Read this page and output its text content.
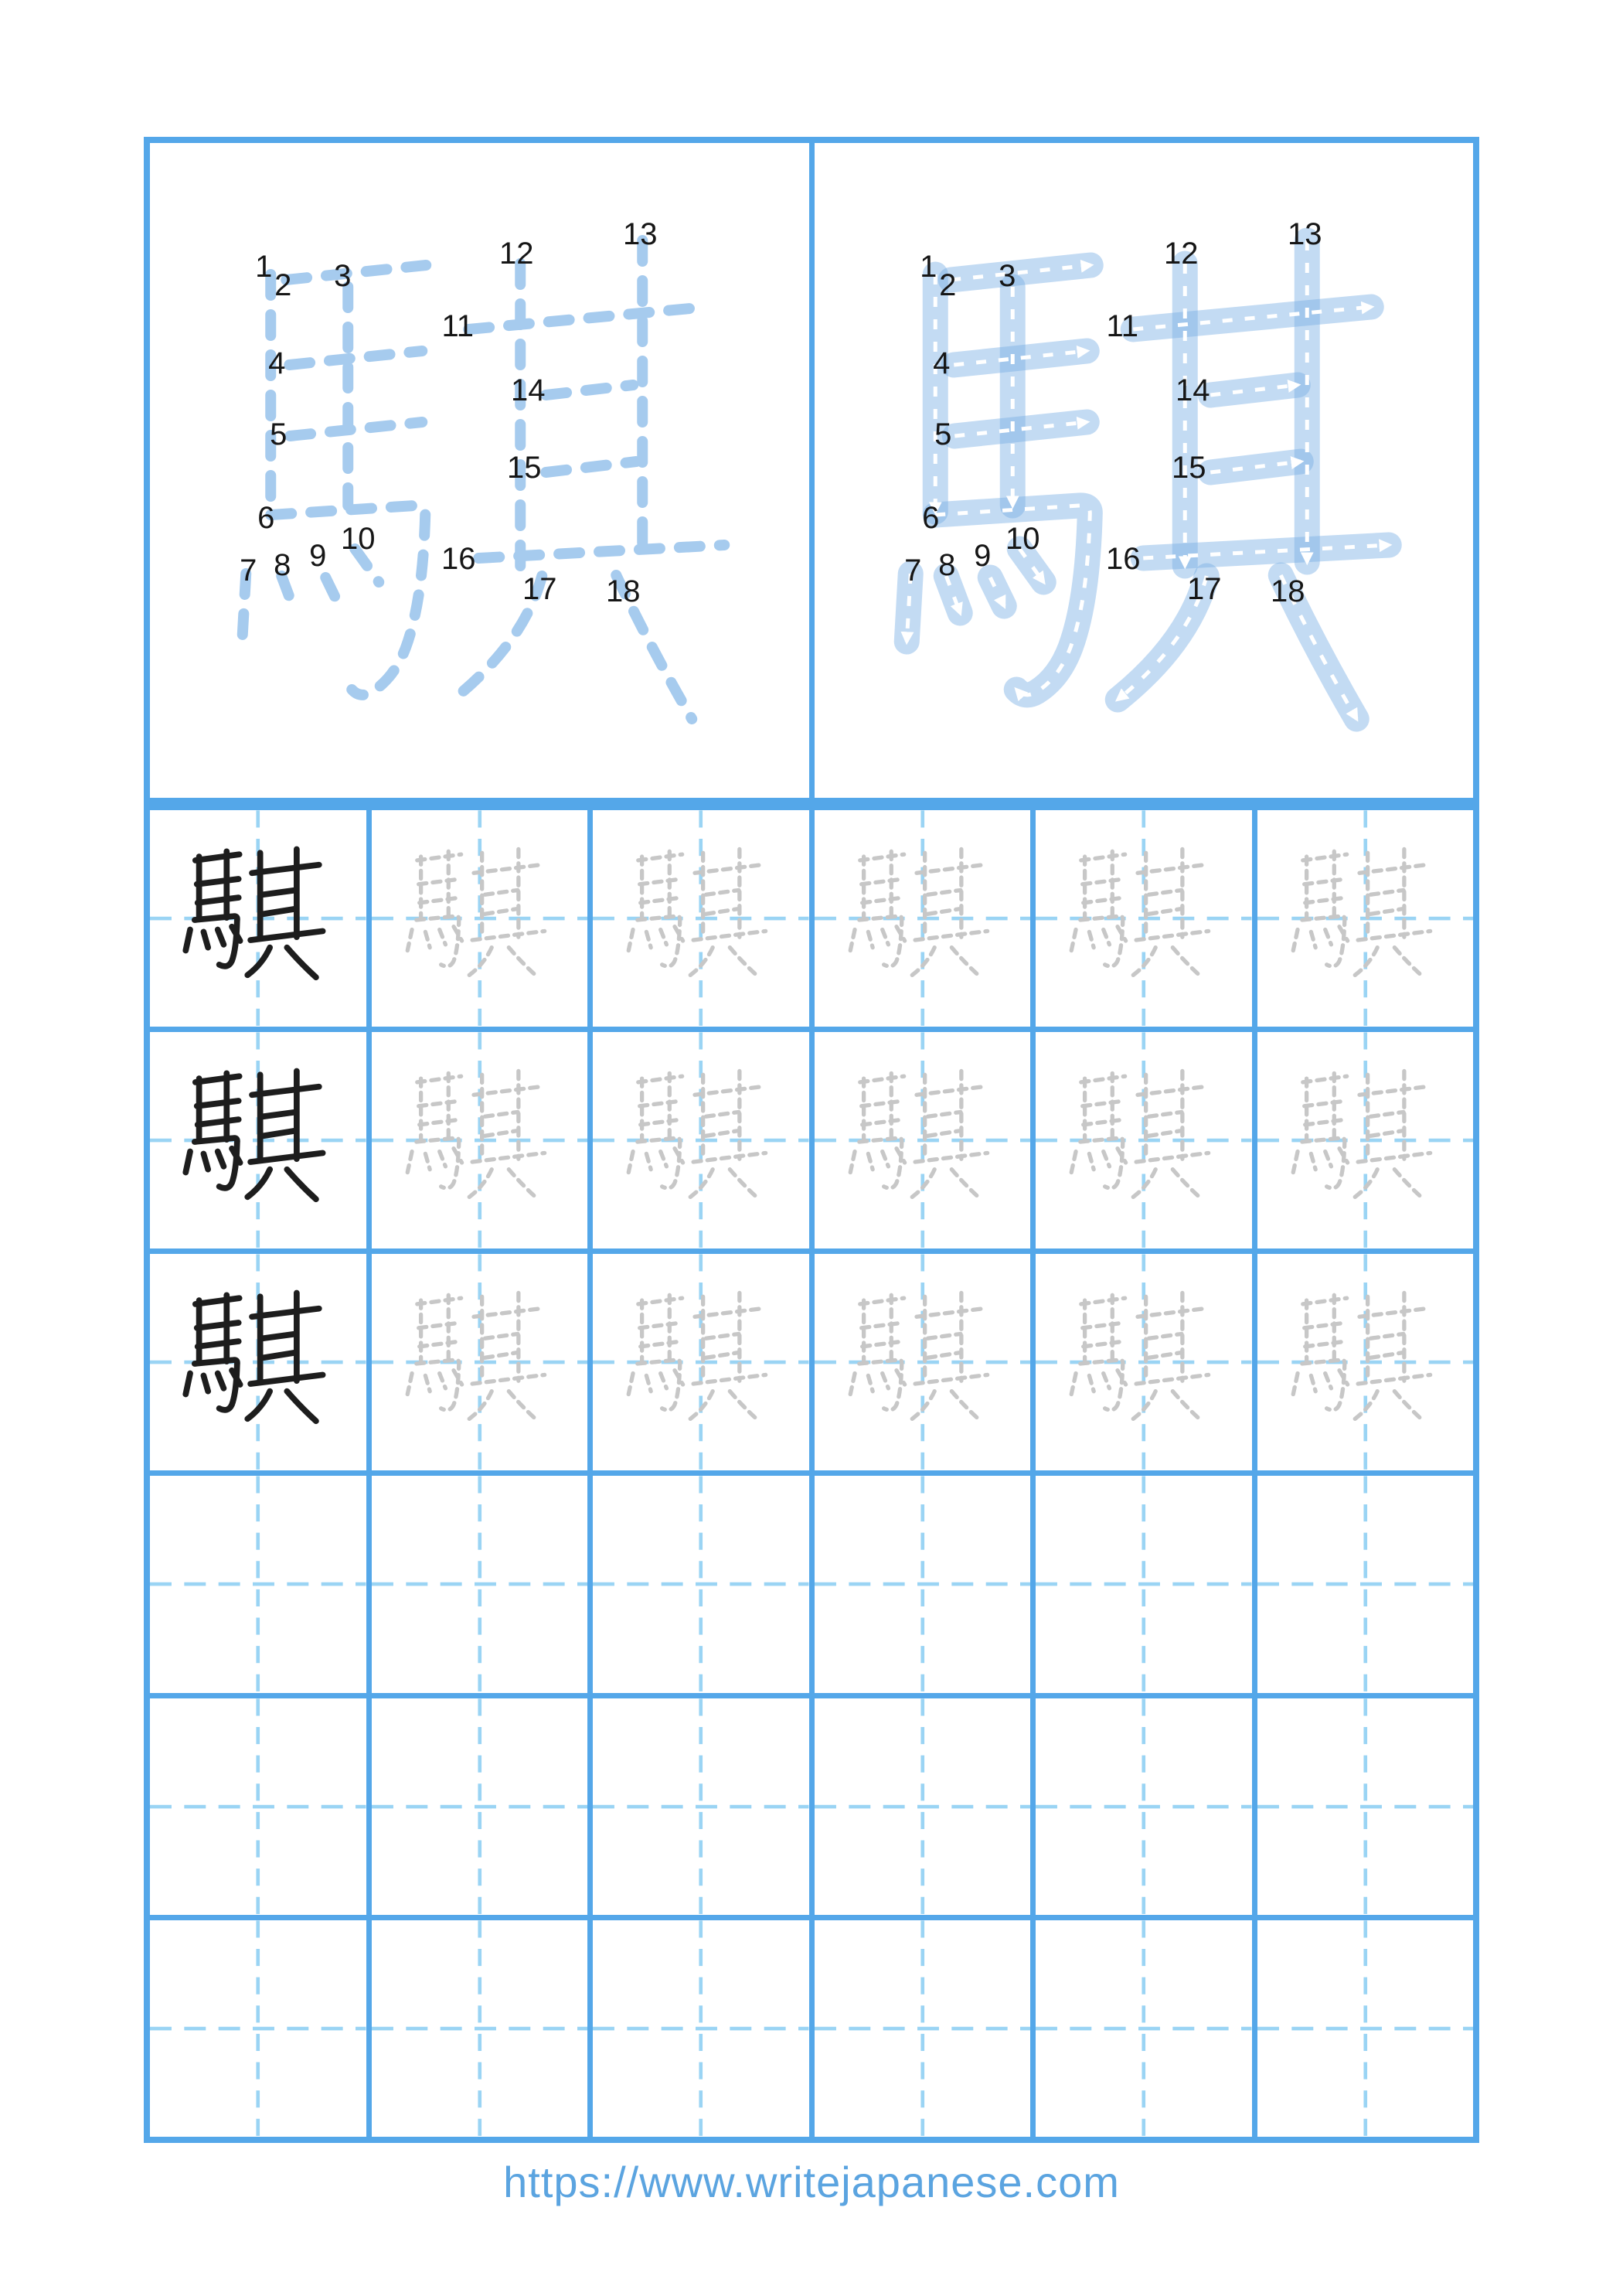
1
2 3
4
5
6
7 8 9 10
11
12
13
14
15
16
17 18
1
2 3
4
5
6
7 8 9 10
11
12
13
14
15
16
17 18
https://www.writejapanese.com
